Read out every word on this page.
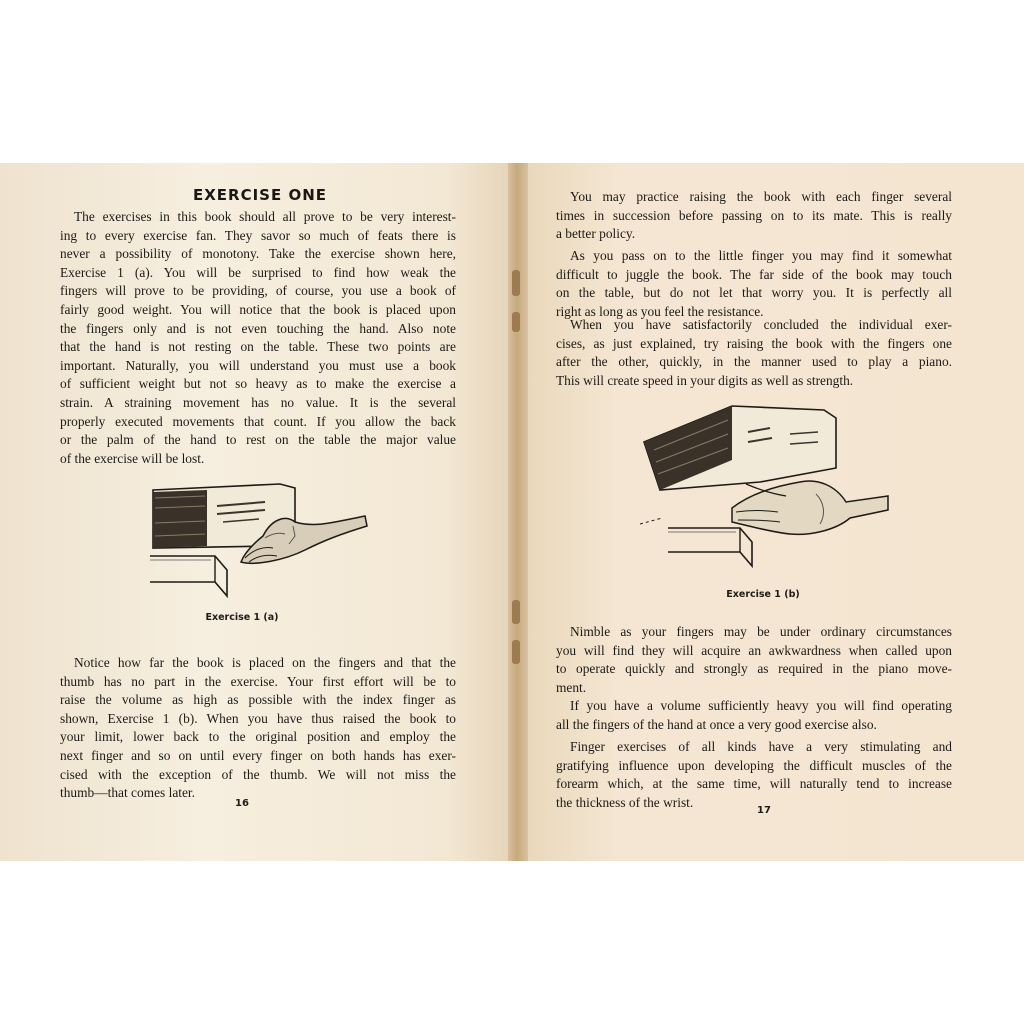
EXERCISE ONE
The exercises in this book should all prove to be very interest-
ing to every exercise fan. They savor so much of feats there is
never a possibility of monotony. Take the exercise shown here,
Exercise 1 (a). You will be surprised to find how weak the
fingers will prove to be providing, of course, you use a book of
fairly good weight. You will notice that the book is placed upon
the fingers only and is not even touching the hand. Also note
that the hand is not resting on the table. These two points are
important. Naturally, you will understand you must use a book
of sufficient weight but not so heavy as to make the exercise a
strain. A straining movement has no value. It is the several
properly executed movements that count. If you allow the back
or the palm of the hand to rest on the table the major value
of the exercise will be lost.
Exercise 1 (a)
Notice how far the book is placed on the fingers and that the
thumb has no part in the exercise. Your first effort will be to
raise the volume as high as possible with the index finger as
shown, Exercise 1 (b). When you have thus raised the book to
your limit, lower back to the original position and employ the
next finger and so on until every finger on both hands has exer-
cised with the exception of the thumb. We will not miss the
thumb—that comes later.
16
You may practice raising the book with each finger several
times in succession before passing on to its mate. This is really
a better policy.
As you pass on to the little finger you may find it somewhat
difficult to juggle the book. The far side of the book may touch
on the table, but do not let that worry you. It is perfectly all
right as long as you feel the resistance.
When you have satisfactorily concluded the individual exer-
cises, as just explained, try raising the book with the fingers one
after the other, quickly, in the manner used to play a piano.
This will create speed in your digits as well as strength.
Exercise 1 (b)
Nimble as your fingers may be under ordinary circumstances
you will find they will acquire an awkwardness when called upon
to operate quickly and strongly as required in the piano move-
ment.
If you have a volume sufficiently heavy you will find operating
all the fingers of the hand at once a very good exercise also.
Finger exercises of all kinds have a very stimulating and
gratifying influence upon developing the difficult muscles of the
forearm which, at the same time, will naturally tend to increase
the thickness of the wrist.
17
